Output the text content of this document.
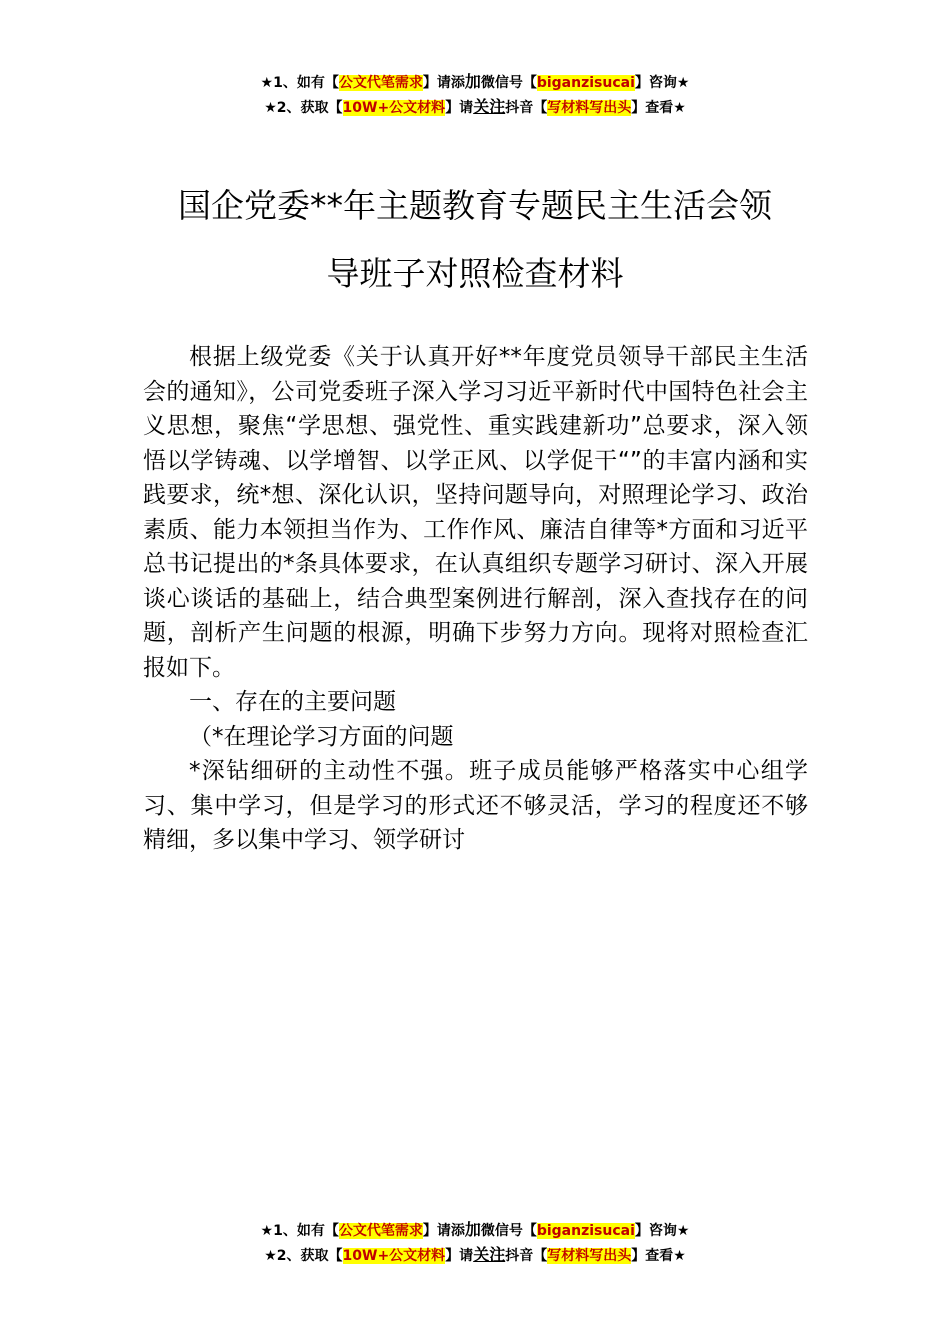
★1、如有【公文代笔需求】请添加微信号【biganzisucai】咨询★
★2、获取【10W+公文材料】请关注抖音【写材料写出头】查看★
国企党委**年主题教育专题民主生活会领
导班子对照检查材料

根据上级党委《关于认真开好**年度党员领导干部民主生活会的通知》，公司党委班子深入学习习近平新时代中国特色社会主义思想，聚焦“学思想、强党性、重实践建新功”总要求，深入领悟以学铸魂、以学增智、以学正风、以学促干“”的丰富内涵和实践要求，统*想、深化认识，坚持问题导向，对照理论学习、政治素质、能力本领担当作为、工作作风、廉洁自律等*方面和习近平总书记提出的*条具体要求，在认真组织专题学习研讨、深入开展谈心谈话的基础上，结合典型案例进行解剖，深入查找存在的问题，剖析产生问题的根源，明确下步努力方向。现将对照检查汇报如下。

一、存在的主要问题

（*在理论学习方面的问题

*深钻细研的主动性不强。班子成员能够严格落实中心组学习、集中学习，但是学习的形式还不够灵活，学习的程度还不够精细，多以集中学习、领学研讨

★1、如有【公文代笔需求】请添加微信号【biganzisucai】咨询★
★2、获取【10W+公文材料】请关注抖音【写材料写出头】查看★
